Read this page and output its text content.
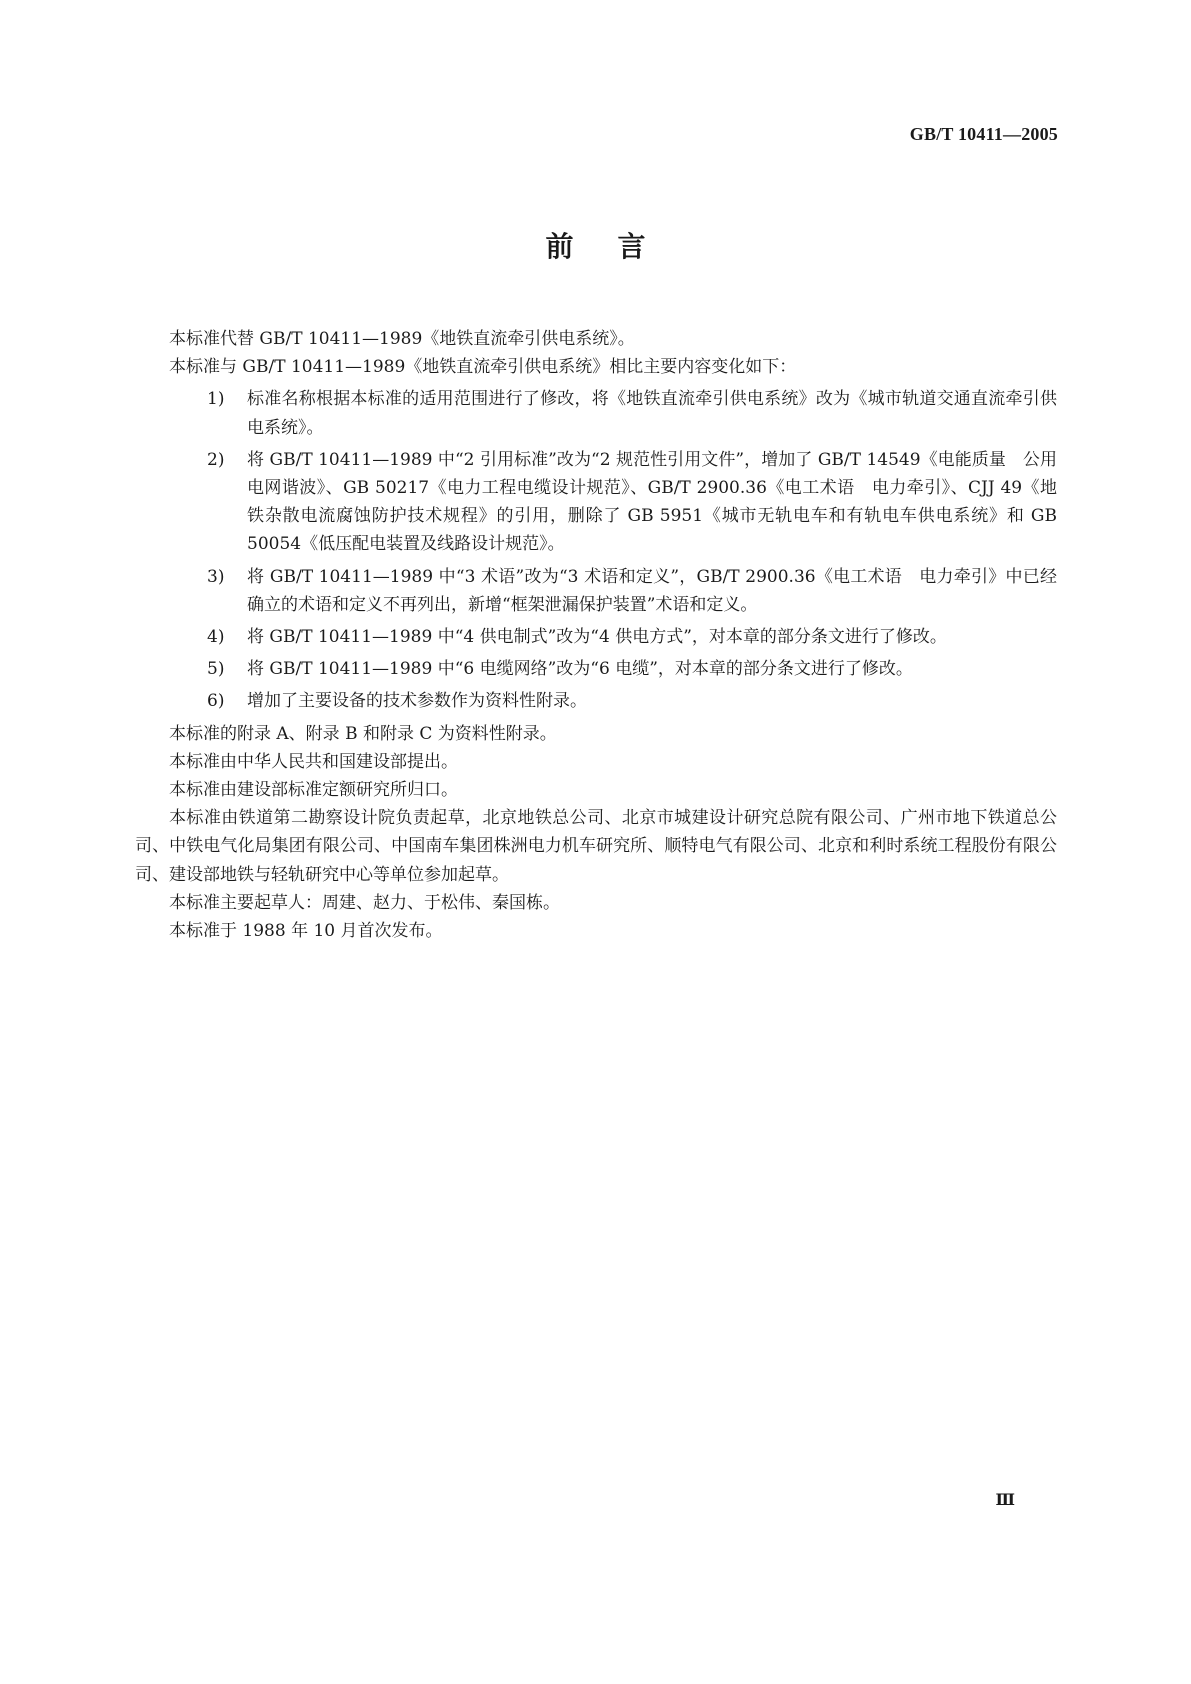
GB/T 10411—2005
前言

本标准代替 GB/T 10411—1989《地铁直流牵引供电系统》。

本标准与 GB/T 10411—1989《地铁直流牵引供电系统》相比主要内容变化如下：

1)	标准名称根据本标准的适用范围进行了修改，将《地铁直流牵引供电系统》改为《城市轨道交通直流牵引供电系统》。
2)	将 GB/T 10411—1989 中“2 引用标准”改为“2 规范性引用文件”，增加了 GB/T 14549《电能质量　公用电网谐波》、GB 50217《电力工程电缆设计规范》、GB/T 2900.36《电工术语　电力牵引》、CJJ 49《地铁杂散电流腐蚀防护技术规程》的引用，删除了 GB 5951《城市无轨电车和有轨电车供电系统》和 GB 50054《低压配电装置及线路设计规范》。
3)	将 GB/T 10411—1989 中“3 术语”改为“3 术语和定义”，GB/T 2900.36《电工术语　电力牵引》中已经确立的术语和定义不再列出，新增“框架泄漏保护装置”术语和定义。
4)	将 GB/T 10411—1989 中“4 供电制式”改为“4 供电方式”，对本章的部分条文进行了修改。
5)	将 GB/T 10411—1989 中“6 电缆网络”改为“6 电缆”，对本章的部分条文进行了修改。
6)	增加了主要设备的技术参数作为资料性附录。

本标准的附录 A、附录 B 和附录 C 为资料性附录。

本标准由中华人民共和国建设部提出。

本标准由建设部标准定额研究所归口。

本标准由铁道第二勘察设计院负责起草，北京地铁总公司、北京市城建设计研究总院有限公司、广州市地下铁道总公司、中铁电气化局集团有限公司、中国南车集团株洲电力机车研究所、顺特电气有限公司、北京和利时系统工程股份有限公司、建设部地铁与轻轨研究中心等单位参加起草。

本标准主要起草人：周建、赵力、于松伟、秦国栋。

本标准于 1988 年 10 月首次发布。

Ⅲ
